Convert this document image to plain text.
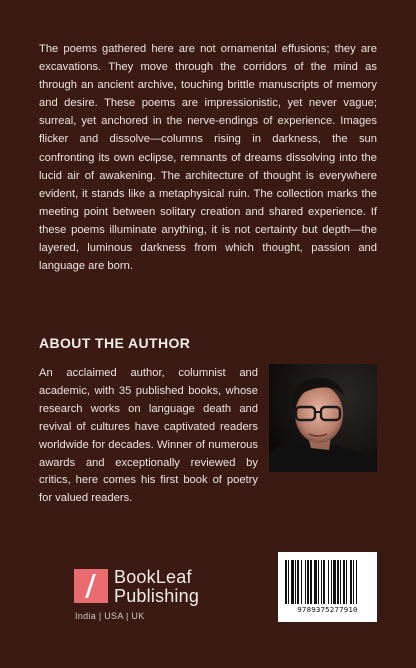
The poems gathered here are not ornamental effusions; they are excavations. They move through the corridors of the mind as through an ancient archive, touching brittle manuscripts of memory and desire. These poems are impressionistic, yet never vague; surreal, yet anchored in the nerve-endings of experience. Images flicker and dissolve—columns rising in darkness, the sun confronting its own eclipse, remnants of dreams dissolving into the lucid air of awakening. The architecture of thought is everywhere evident, it stands like a metaphysical ruin. The collection marks the meeting point between solitary creation and shared experience. If these poems illuminate anything, it is not certainty but depth—the layered, luminous darkness from which thought, passion and language are born.

ABOUT THE AUTHOR

An acclaimed author, columnist and academic, with 35 published books, whose research works on language death and revival of cultures have captivated readers worldwide for decades. Winner of numerous awards and exceptionally reviewed by critics, here comes his first book of poetry for valued readers.

BookLeaf
Publishing
India | USA | UK
9789375277910
